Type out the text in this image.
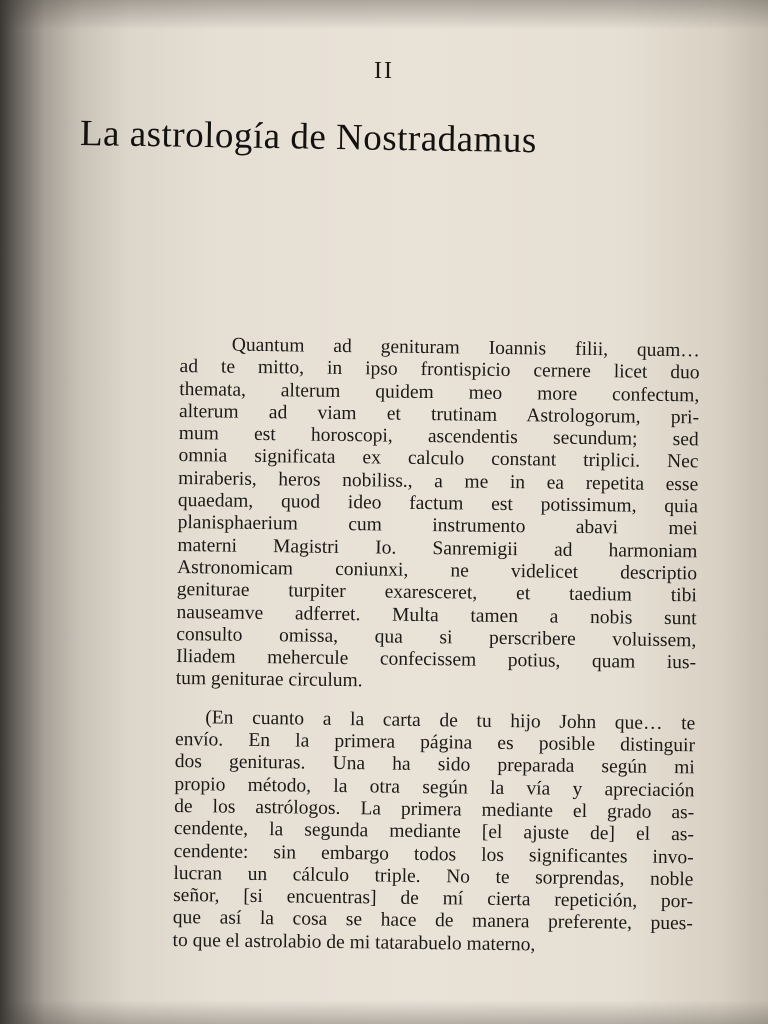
II
La astrología de Nostradamus
Quantum ad genituram Ioannis filii, quam…
ad te mitto, in ipso frontispicio cernere licet duo
themata, alterum quidem meo more confectum,
alterum ad viam et trutinam Astrologorum, pri-
mum est horoscopi, ascendentis secundum; sed
omnia significata ex calculo constant triplici. Nec
miraberis, heros nobiliss., a me in ea repetita esse
quaedam, quod ideo factum est potissimum, quia
planisphaerium cum instrumento abavi mei
materni Magistri Io. Sanremigii ad harmoniam
Astronomicam coniunxi, ne videlicet descriptio
geniturae turpiter exaresceret, et taedium tibi
nauseamve adferret. Multa tamen a nobis sunt
consulto omissa, qua si perscribere voluissem,
Iliadem mehercule confecissem potius, quam ius-
tum geniturae circulum.
(En cuanto a la carta de tu hijo John que… te
envío. En la primera página es posible distinguir
dos genituras. Una ha sido preparada según mi
propio método, la otra según la vía y apreciación
de los astrólogos. La primera mediante el grado as-
cendente, la segunda mediante [el ajuste de] el as-
cendente: sin embargo todos los significantes invo-
lucran un cálculo triple. No te sorprendas, noble
señor, [si encuentras] de mí cierta repetición, por-
que así la cosa se hace de manera preferente, pues-
to que el astrolabio de mi tatarabuelo materno,
